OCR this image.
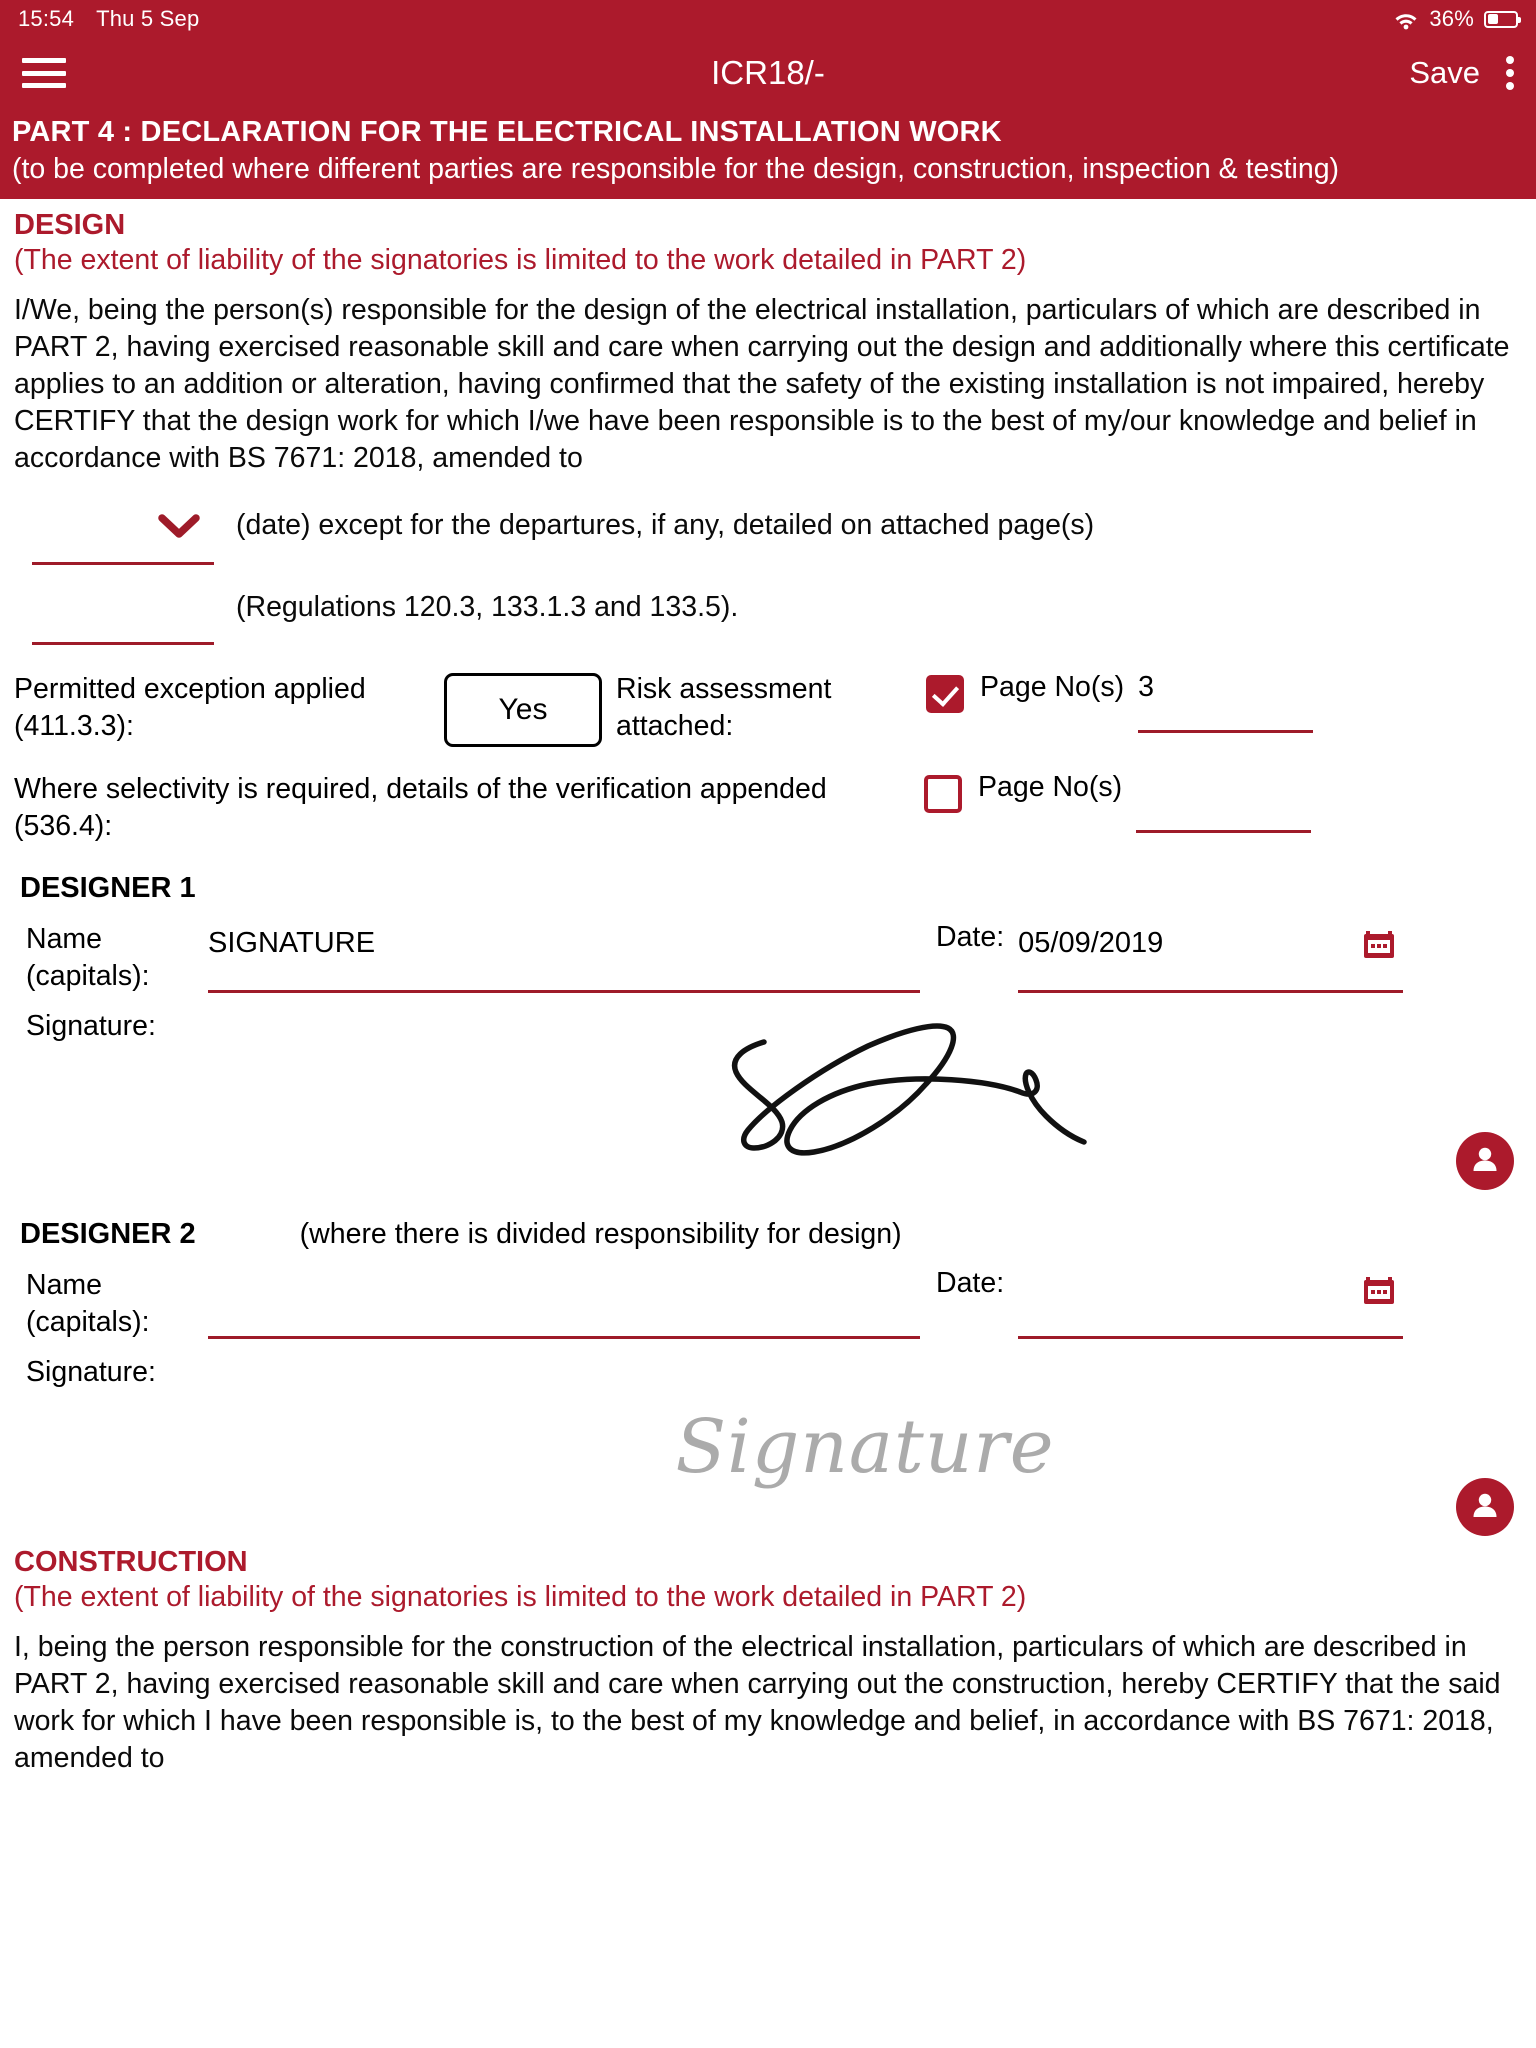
15:54 Thu 5 Sep	36%
ICR18/-	Save
PART 4 : DECLARATION FOR THE ELECTRICAL INSTALLATION WORK
(to be completed where different parties are responsible for the design, construction, inspection & testing)
DESIGN
(The extent of liability of the signatories is limited to the work detailed in PART 2)
I/We, being the person(s) responsible for the design of the electrical installation, particulars of which are described in PART 2, having exercised reasonable skill and care when carrying out the design and additionally where this certificate applies to an addition or alteration, having confirmed that the safety of the existing installation is not impaired, hereby CERTIFY that the design work for which I/we have been responsible is to the best of my/our knowledge and belief in accordance with BS 7671: 2018, amended to
(date) except for the departures, if any, detailed on attached page(s)
(Regulations 120.3, 133.1.3 and 133.5).
Permitted exception applied (411.3.3):	Yes
Risk assessment attached:
Page No(s) 3
Where selectivity is required, details of the verification appended (536.4):
Page No(s)
DESIGNER 1
Name (capitals):
SIGNATURE	Date: 05/09/2019
Signature:
DESIGNER 2	(where there is divided responsibility for design)
Name (capitals):
Date:
Signature:
Signature
CONSTRUCTION
(The extent of liability of the signatories is limited to the work detailed in PART 2)
I, being the person responsible for the construction of the electrical installation, particulars of which are described in PART 2, having exercised reasonable skill and care when carrying out the construction, hereby CERTIFY that the said work for which I have been responsible is, to the best of my knowledge and belief, in accordance with BS 7671: 2018, amended to
